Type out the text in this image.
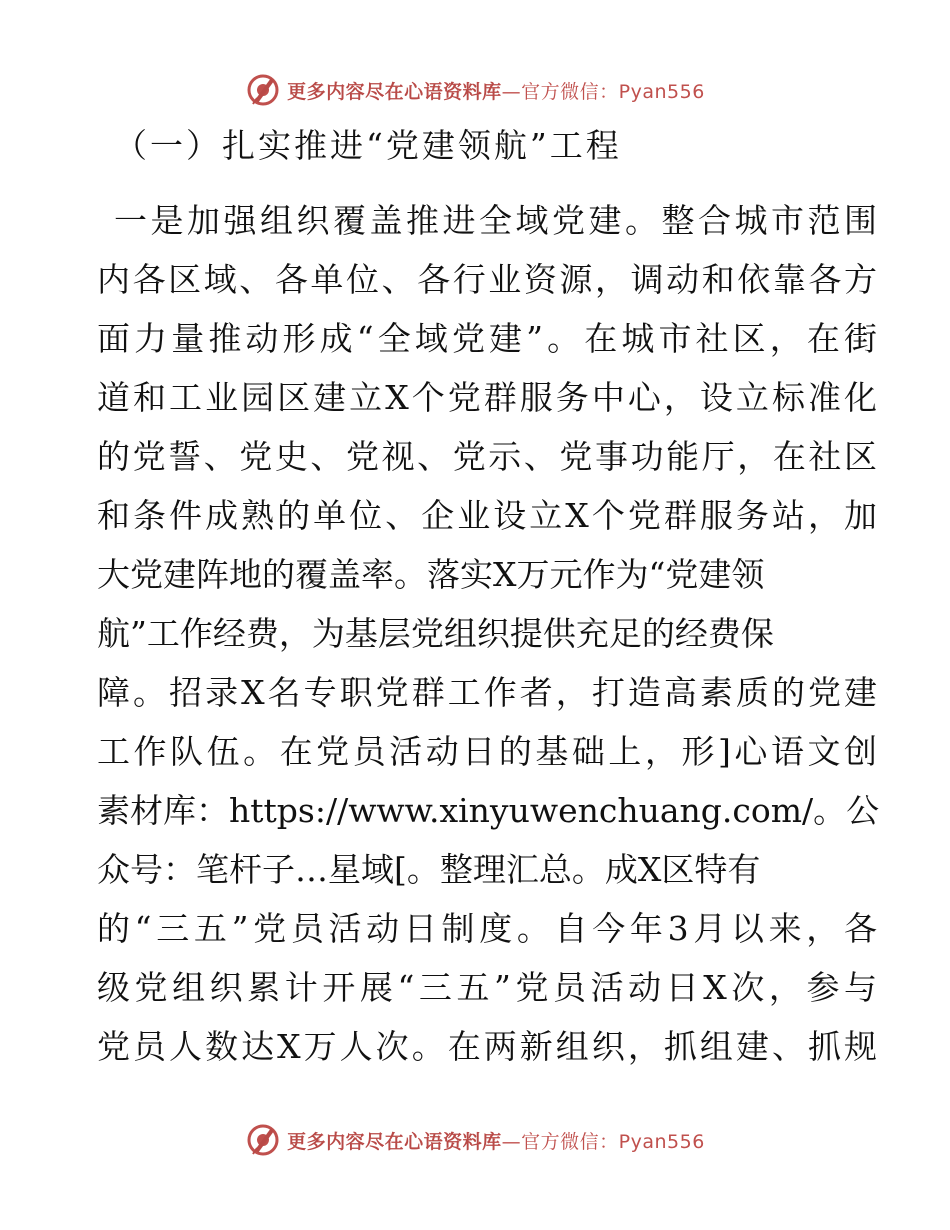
更多内容尽在心语资料库—官方微信：Pyan556
（一）扎实推进“党建领航”工程
一是加强组织覆盖推进全域党建。整合城市范围
内各区域、各单位、各行业资源，调动和依靠各方
面力量推动形成“全域党建”。在城市社区，在街
道和工业园区建立X个党群服务中心，设立标准化
的党誓、党史、党视、党示、党事功能厅，在社区
和条件成熟的单位、企业设立X个党群服务站，加
大党建阵地的覆盖率。落实X万元作为“党建领
航”工作经费，为基层党组织提供充足的经费保
障。招录X名专职党群工作者，打造高素质的党建
工作队伍。在党员活动日的基础上，形]心语文创
素材库：https://www.xinyuwenchuang.com/。公
众号：笔杆子…星域[。整理汇总。成X区特有
的“三五”党员活动日制度。自今年3月以来，各
级党组织累计开展“三五”党员活动日X次，参与
党员人数达X万人次。在两新组织，抓组建、抓规
更多内容尽在心语资料库—官方微信：Pyan556
